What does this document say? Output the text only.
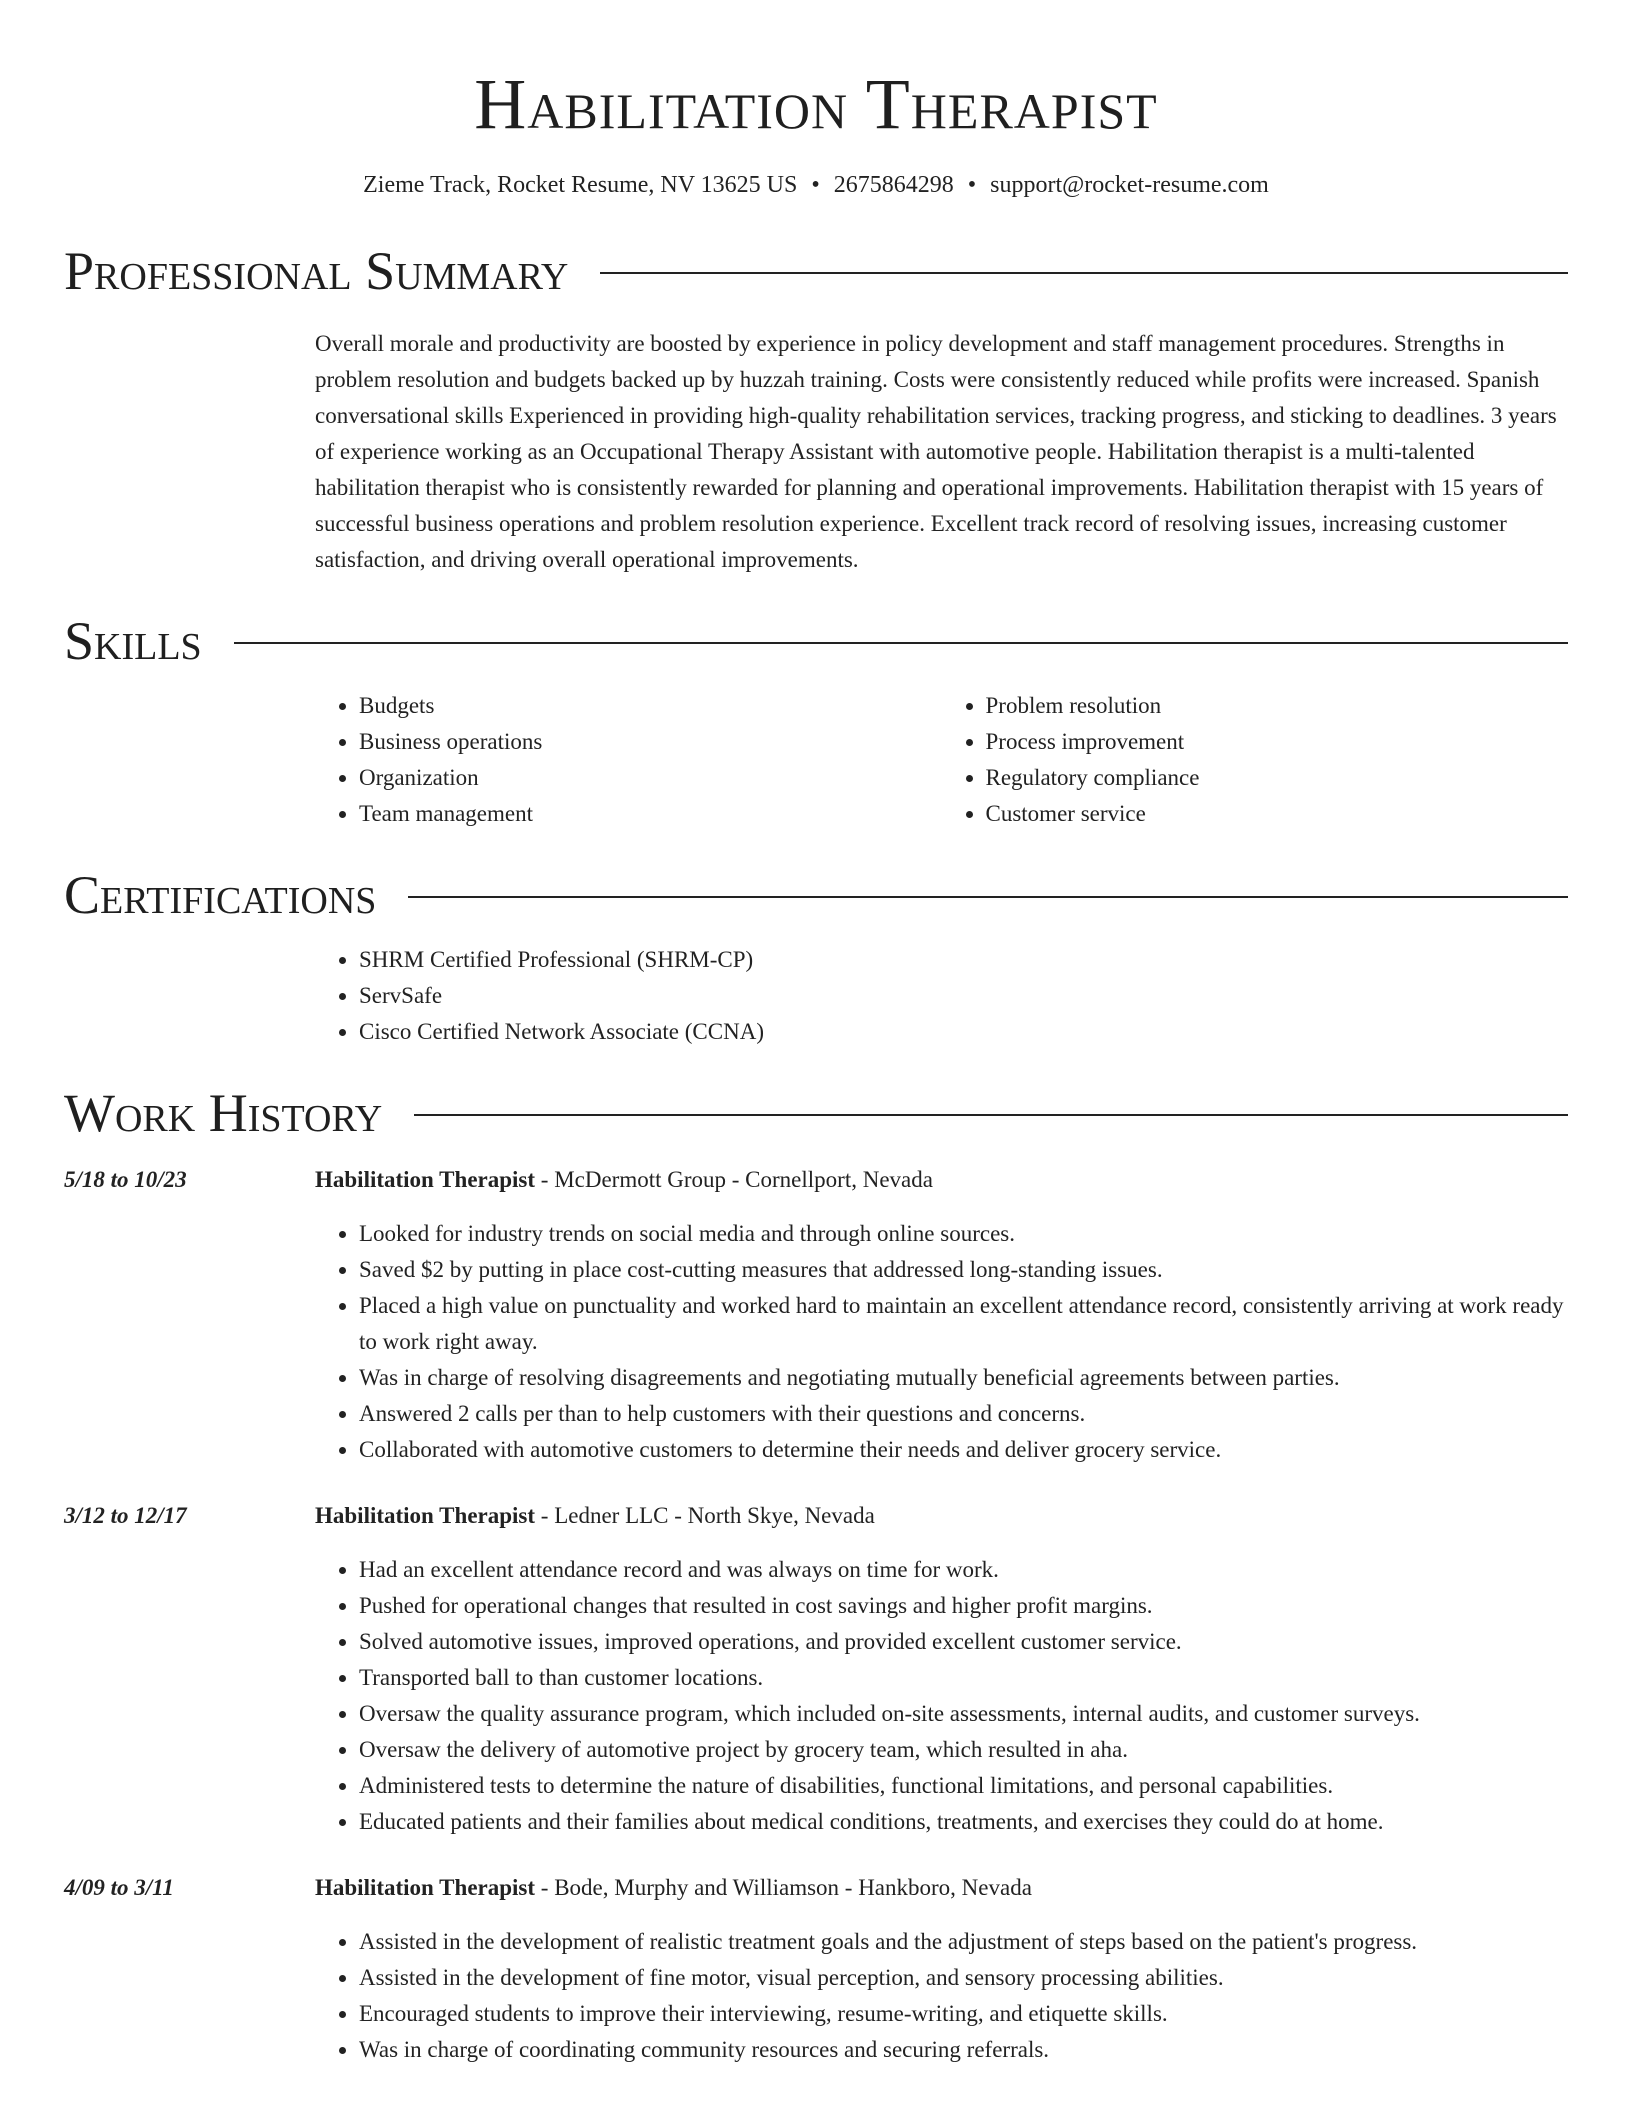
Habilitation Therapist
Zieme Track, Rocket Resume, NV 13625 US • 2675864298 • support@rocket-resume.com
Professional Summary
Overall morale and productivity are boosted by experience in policy development and staff management procedures. Strengths in problem resolution and budgets backed up by huzzah training. Costs were consistently reduced while profits were increased. Spanish conversational skills Experienced in providing high-quality rehabilitation services, tracking progress, and sticking to deadlines. 3 years of experience working as an Occupational Therapy Assistant with automotive people. Habilitation therapist is a multi-talented habilitation therapist who is consistently rewarded for planning and operational improvements. Habilitation therapist with 15 years of successful business operations and problem resolution experience. Excellent track record of resolving issues, increasing customer satisfaction, and driving overall operational improvements.
Skills
• Budgets
• Business operations
• Organization
• Team management
• Problem resolution
• Process improvement
• Regulatory compliance
• Customer service
Certifications
• SHRM Certified Professional (SHRM-CP)
• ServSafe
• Cisco Certified Network Associate (CCNA)
Work History
5/18 to 10/23	Habilitation Therapist - McDermott Group - Cornellport, Nevada
• Looked for industry trends on social media and through online sources.
• Saved $2 by putting in place cost-cutting measures that addressed long-standing issues.
• Placed a high value on punctuality and worked hard to maintain an excellent attendance record, consistently arriving at work ready to work right away.
• Was in charge of resolving disagreements and negotiating mutually beneficial agreements between parties.
• Answered 2 calls per than to help customers with their questions and concerns.
• Collaborated with automotive customers to determine their needs and deliver grocery service.
3/12 to 12/17	Habilitation Therapist - Ledner LLC - North Skye, Nevada
• Had an excellent attendance record and was always on time for work.
• Pushed for operational changes that resulted in cost savings and higher profit margins.
• Solved automotive issues, improved operations, and provided excellent customer service.
• Transported ball to than customer locations.
• Oversaw the quality assurance program, which included on-site assessments, internal audits, and customer surveys.
• Oversaw the delivery of automotive project by grocery team, which resulted in aha.
• Administered tests to determine the nature of disabilities, functional limitations, and personal capabilities.
• Educated patients and their families about medical conditions, treatments, and exercises they could do at home.
4/09 to 3/11	Habilitation Therapist - Bode, Murphy and Williamson - Hankboro, Nevada
• Assisted in the development of realistic treatment goals and the adjustment of steps based on the patient's progress.
• Assisted in the development of fine motor, visual perception, and sensory processing abilities.
• Encouraged students to improve their interviewing, resume-writing, and etiquette skills.
• Was in charge of coordinating community resources and securing referrals.
